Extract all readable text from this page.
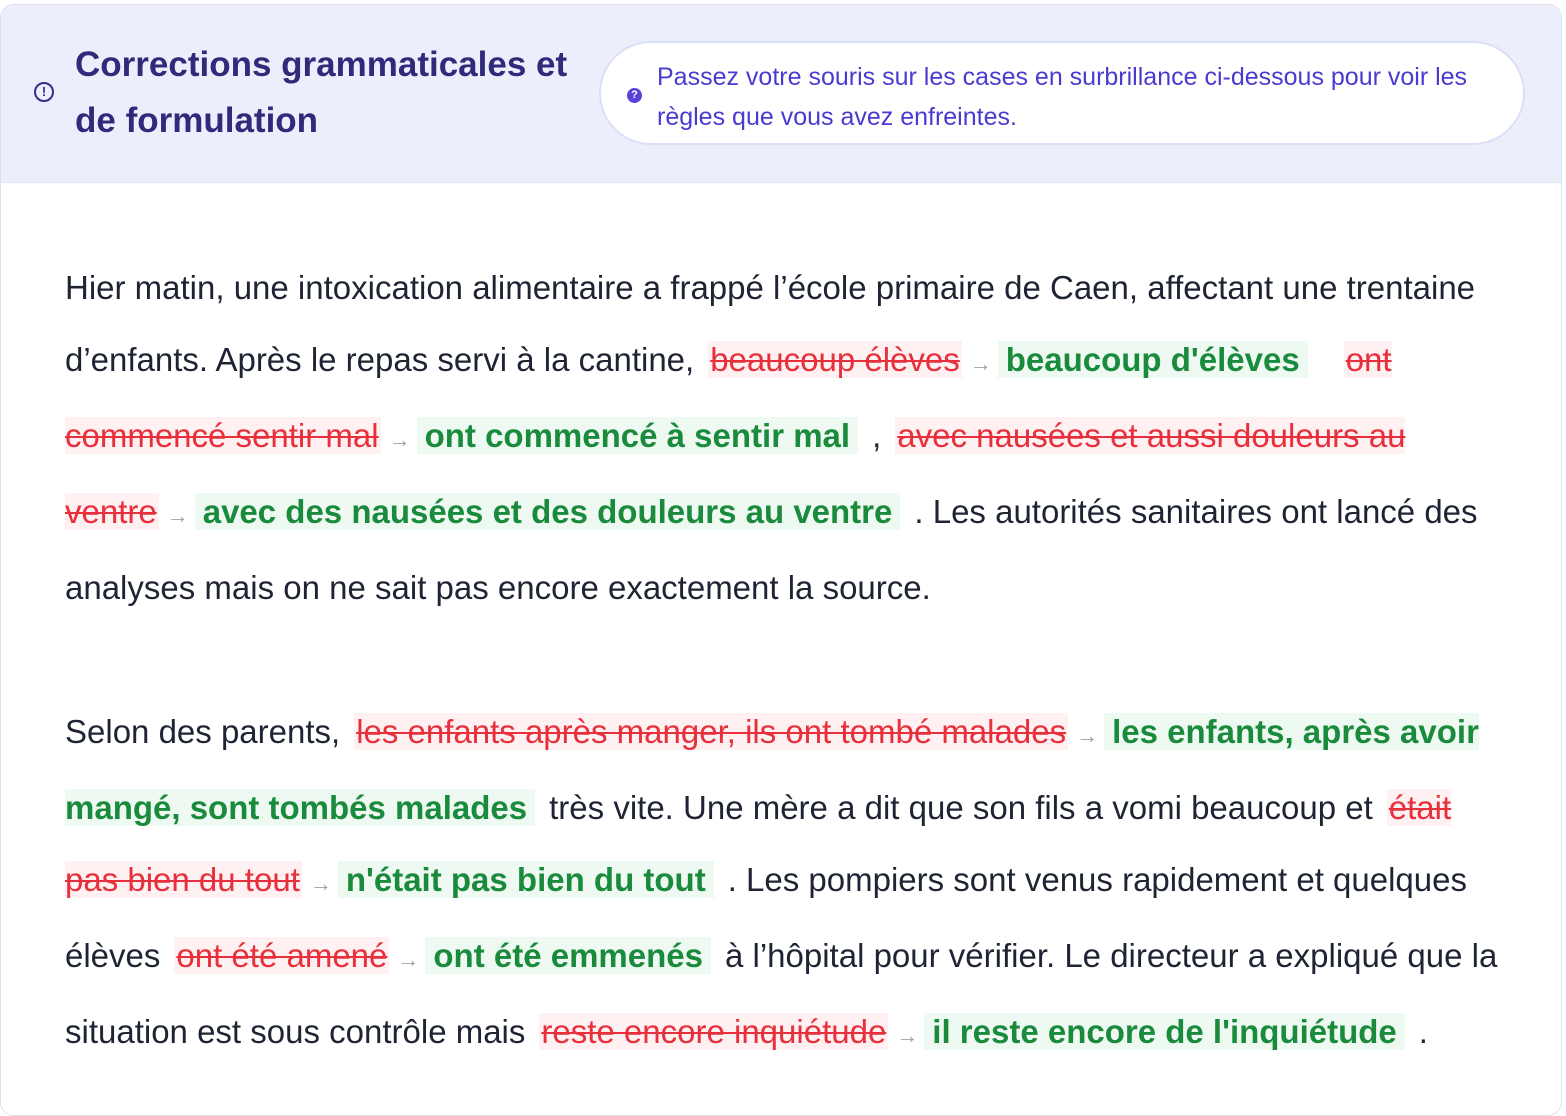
!
Corrections grammaticales et de formulation
?
Passez votre souris sur les cases en surbrillance ci-dessous pour voir les règles que vous avez enfreintes.

Hier matin, une intoxication alimentaire a frappé l’école primaire de Caen, affectant une trentaine d’enfants. Après le repas servi à la cantine, beaucoup élèves → beaucoup d'élèves ont commencé sentir mal → ont commencé à sentir mal , avec nausées et aussi douleurs au ventre → avec des nausées et des douleurs au ventre . Les autorités sanitaires ont lancé des analyses mais on ne sait pas encore exactement la source.

Selon des parents, les enfants après manger, ils ont tombé malades → les enfants, après avoir mangé, sont tombés malades très vite. Une mère a dit que son fils a vomi beaucoup et était pas bien du tout → n'était pas bien du tout . Les pompiers sont venus rapidement et quelques élèves ont été amené → ont été emmenés à l’hôpital pour vérifier. Le directeur a expliqué que la situation est sous contrôle mais reste encore inquiétude → il reste encore de l'inquiétude .
